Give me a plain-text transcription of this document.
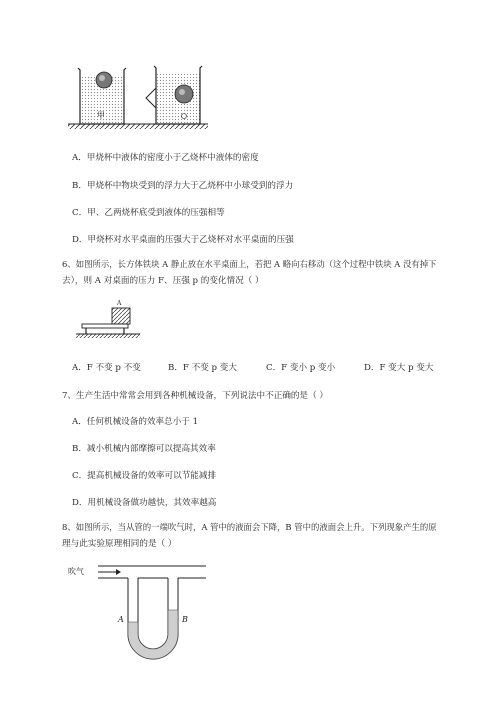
甲
A．甲烧杯中液体的密度小于乙烧杯中液体的密度
B．甲烧杯中物块受到的浮力大于乙烧杯中小球受到的浮力
C．甲、乙两烧杯底受到液体的压强相等
D．甲烧杯对水平桌面的压强大于乙烧杯对水平桌面的压强
6、如图所示，长方体铁块 A 静止放在水平桌面上，若把 A 略向右移动（这个过程中铁块 A 没有掉下
去），则 A 对桌面的压力 F、压强 p 的变化情况（ ）
A
A．F 不变 p 不变	B．F 不变 p 变大	C．F 变小 p 变小	D．F 变大 p 变大
7、生产生活中常常会用到各种机械设备，下列说法中不正确的是（ ）
A．任何机械设备的效率总小于 1
B．减小机械内部摩擦可以提高其效率
C．提高机械设备的效率可以节能减排
D．用机械设备做功越快，其效率越高
8、如图所示，当从管的一端吹气时，A 管中的液面会下降，B 管中的液面会上升。下列现象产生的原
理与此实验原理相同的是（ ）
吹气
A	B
